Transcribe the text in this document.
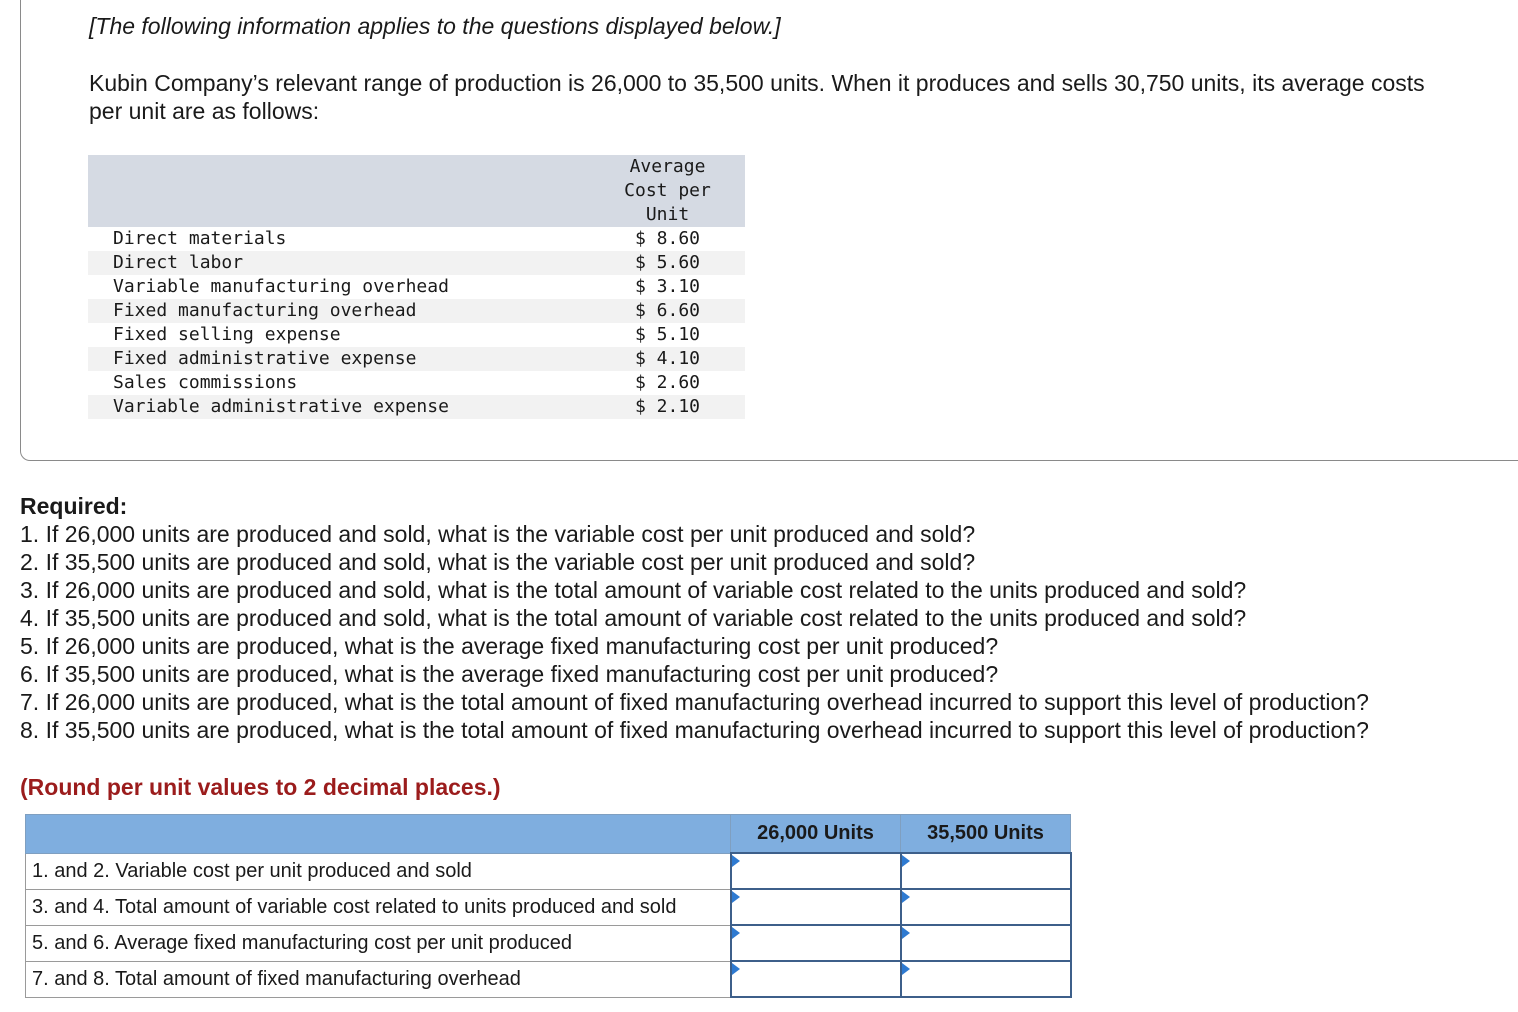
[The following information applies to the questions displayed below.]

Kubin Company’s relevant range of production is 26,000 to 35,500 units. When it produces and sells 30,750 units, its average costs per unit are as follows:

	Average
Cost per
Unit
Direct materials	$ 8.60
Direct labor	$ 5.60
Variable manufacturing overhead	$ 3.10
Fixed manufacturing overhead	$ 6.60
Fixed selling expense	$ 5.10
Fixed administrative expense	$ 4.10
Sales commissions	$ 2.60
Variable administrative expense	$ 2.10
Required:
1. If 26,000 units are produced and sold, what is the variable cost per unit produced and sold?
2. If 35,500 units are produced and sold, what is the variable cost per unit produced and sold?
3. If 26,000 units are produced and sold, what is the total amount of variable cost related to the units produced and sold?
4. If 35,500 units are produced and sold, what is the total amount of variable cost related to the units produced and sold?
5. If 26,000 units are produced, what is the average fixed manufacturing cost per unit produced?
6. If 35,500 units are produced, what is the average fixed manufacturing cost per unit produced?
7. If 26,000 units are produced, what is the total amount of fixed manufacturing overhead incurred to support this level of production?
8. If 35,500 units are produced, what is the total amount of fixed manufacturing overhead incurred to support this level of production?

(Round per unit values to 2 decimal places.)

	26,000 Units	35,500 Units
1. and 2. Variable cost per unit produced and sold	

3. and 4. Total amount of variable cost related to units produced and sold	

5. and 6. Average fixed manufacturing cost per unit produced	

7. and 8. Total amount of fixed manufacturing overhead	
